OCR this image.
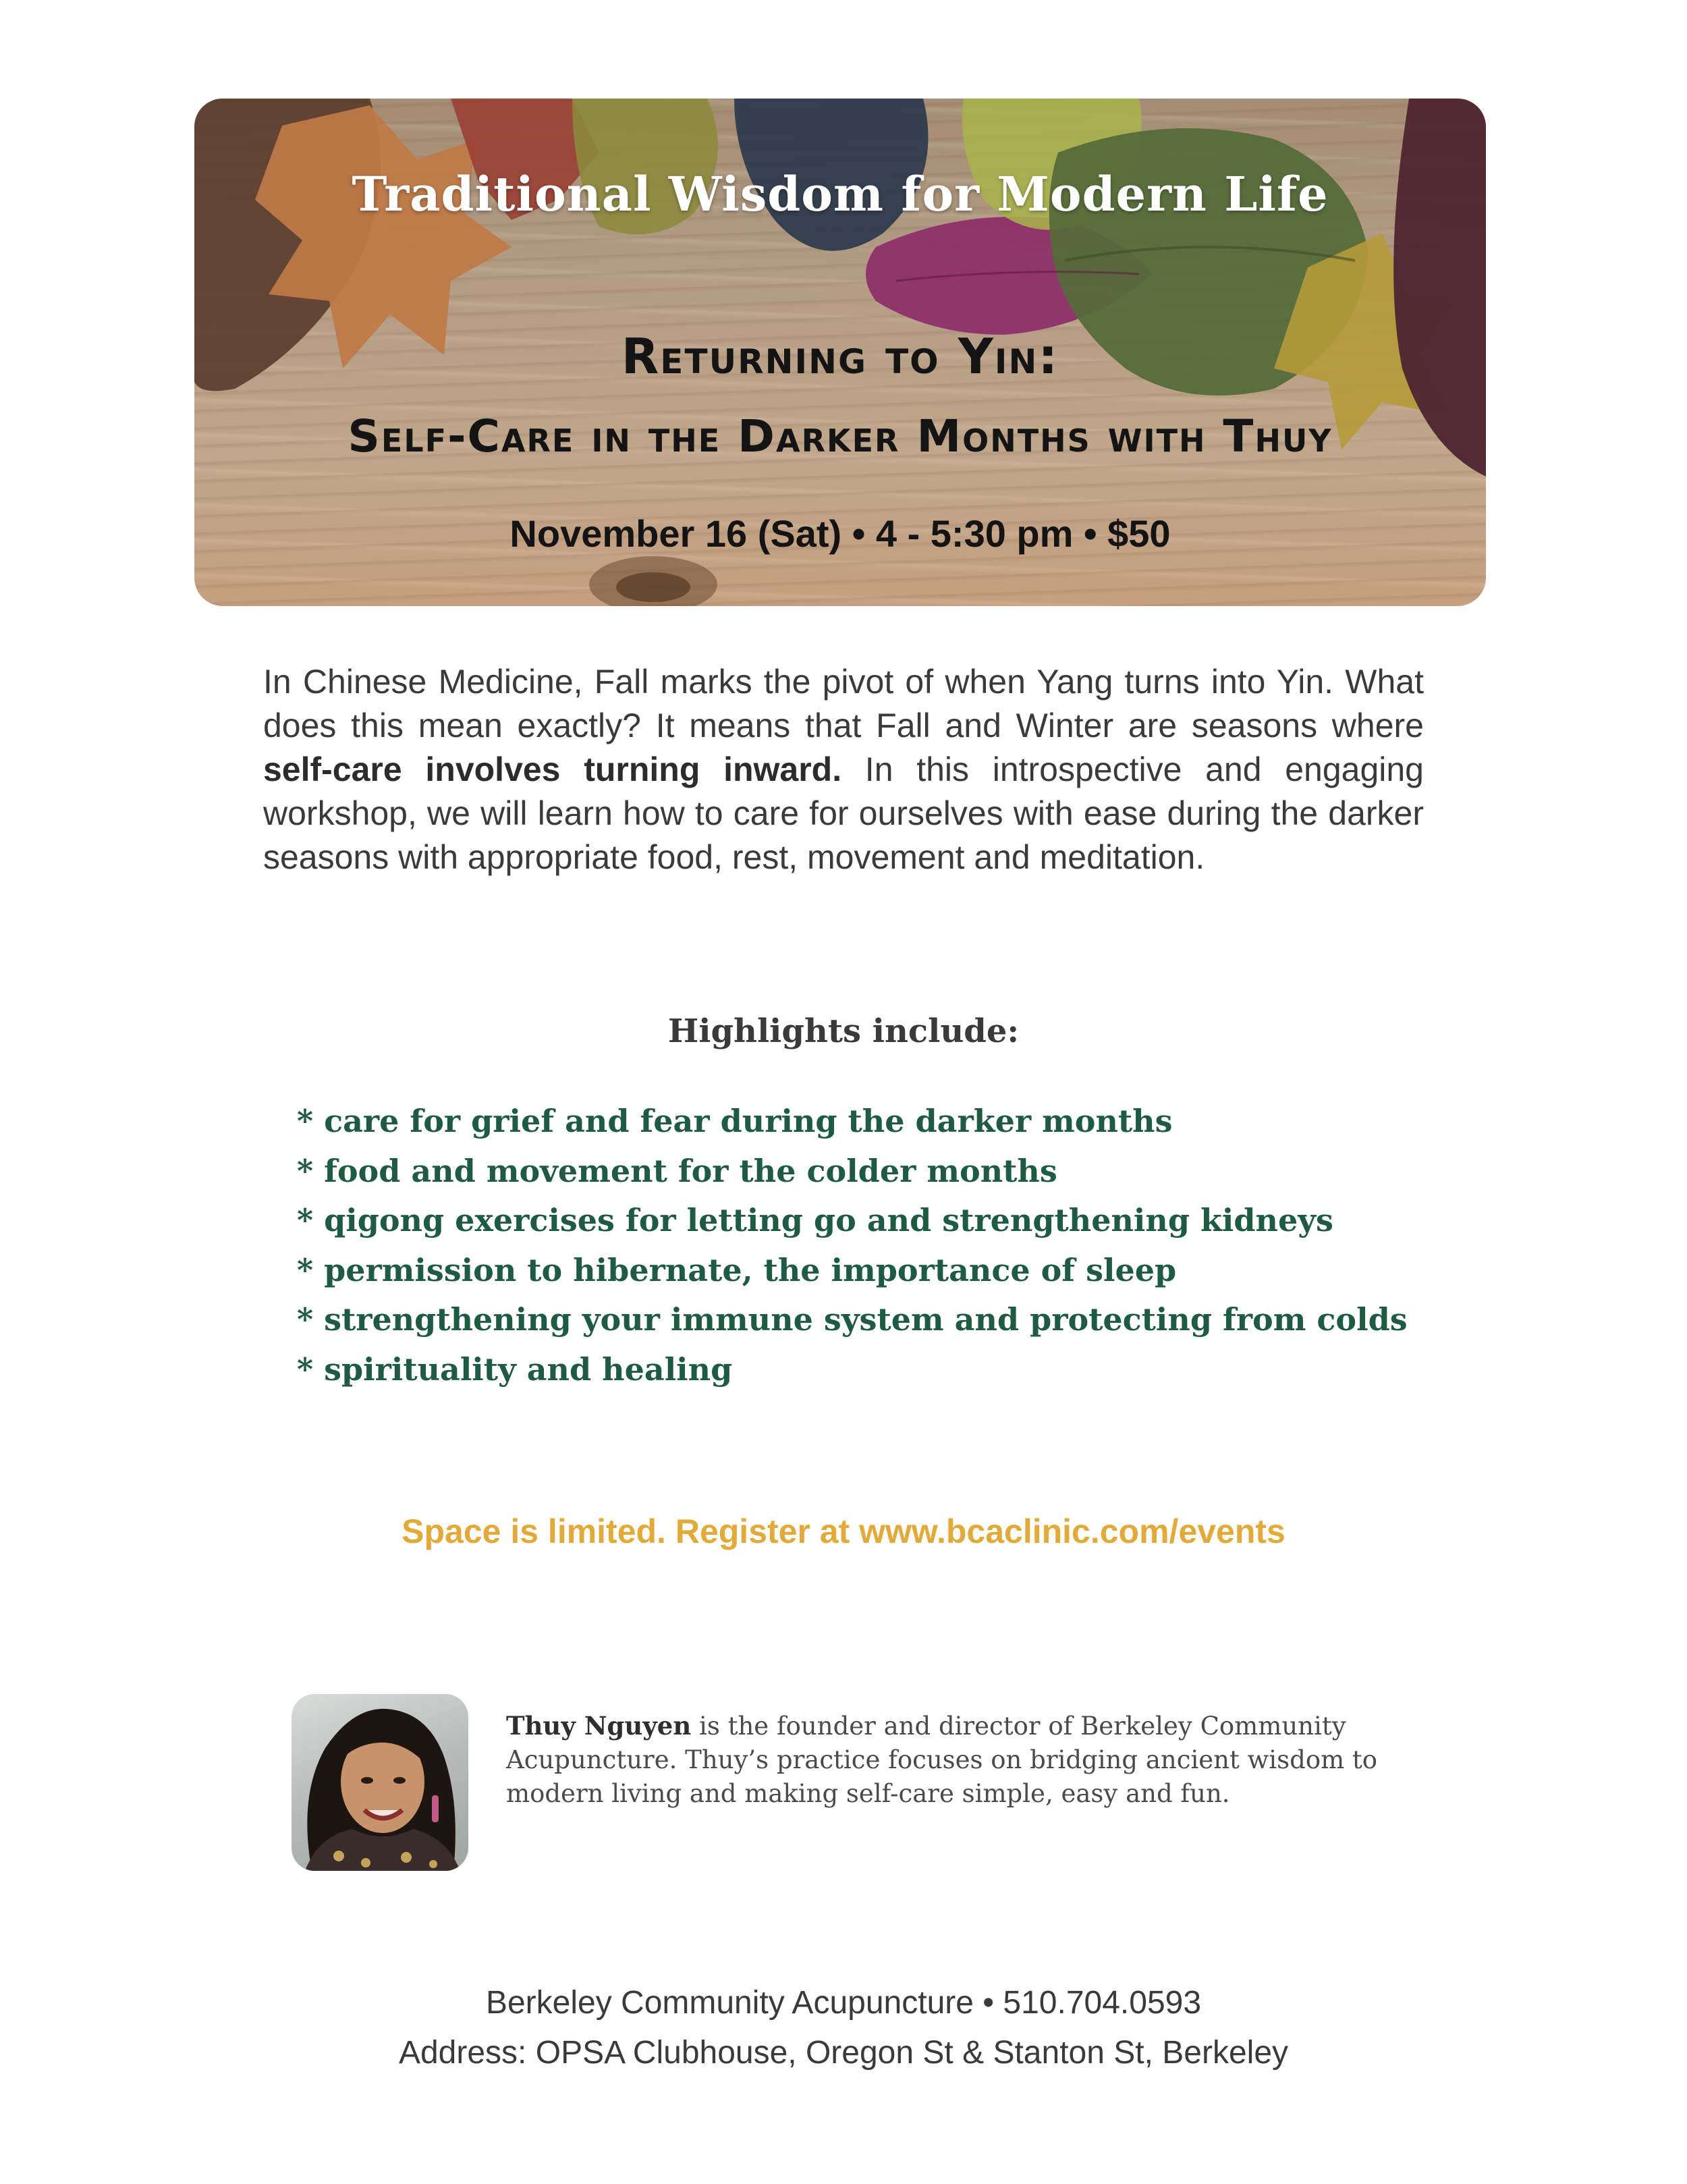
Traditional Wisdom for Modern Life
Returning to Yin:
Self-Care in the Darker Months with Thuy
November 16 (Sat) • 4 - 5:30 pm • $50
In Chinese Medicine, Fall marks the pivot of when Yang turns into Yin. What does this mean exactly? It means that Fall and Winter are seasons where self-care involves turning inward. In this introspective and engaging workshop, we will learn how to care for ourselves with ease during the darker seasons with appropriate food, rest, movement and meditation.
Highlights include:
* care for grief and fear during the darker months
* food and movement for the colder months
* qigong exercises for letting go and strengthening kidneys
* permission to hibernate, the importance of sleep
* strengthening your immune system and protecting from colds
* spirituality and healing
Space is limited. Register at www.bcaclinic.com/events
Thuy Nguyen is the founder and director of Berkeley Community Acupuncture. Thuy’s practice focuses on bridging ancient wisdom to modern living and making self-care simple, easy and fun.
Berkeley Community Acupuncture • 510.704.0593
Address: OPSA Clubhouse, Oregon St & Stanton St, Berkeley
